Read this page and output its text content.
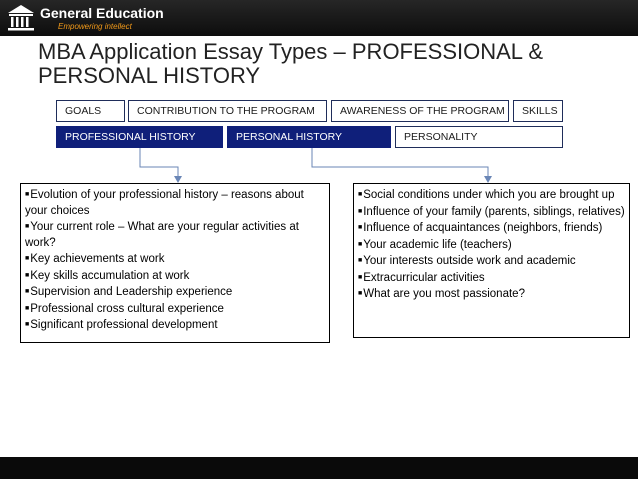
General Education
Empowering intellect
MBA Application Essay Types – PROFESSIONAL &
PERSONAL HISTORY
GOALS	CONTRIBUTION TO THE PROGRAM	AWARENESS OF THE PROGRAM	SKILLS
PROFESSIONAL HISTORY	PERSONAL HISTORY	PERSONALITY
■Evolution of your professional history – reasons about your choices
■Your current role – What are your regular activities at work?
■Key achievements at work
■Key skills accumulation at work
■Supervision and Leadership experience
■Professional cross cultural experience
■Significant professional development
■Social conditions under which you are brought up
■Influence of your family (parents, siblings, relatives)
■Influence of acquaintances (neighbors, friends)
■Your academic life (teachers)
■Your interests outside work and academic
■Extracurricular activities
■What are you most passionate?
